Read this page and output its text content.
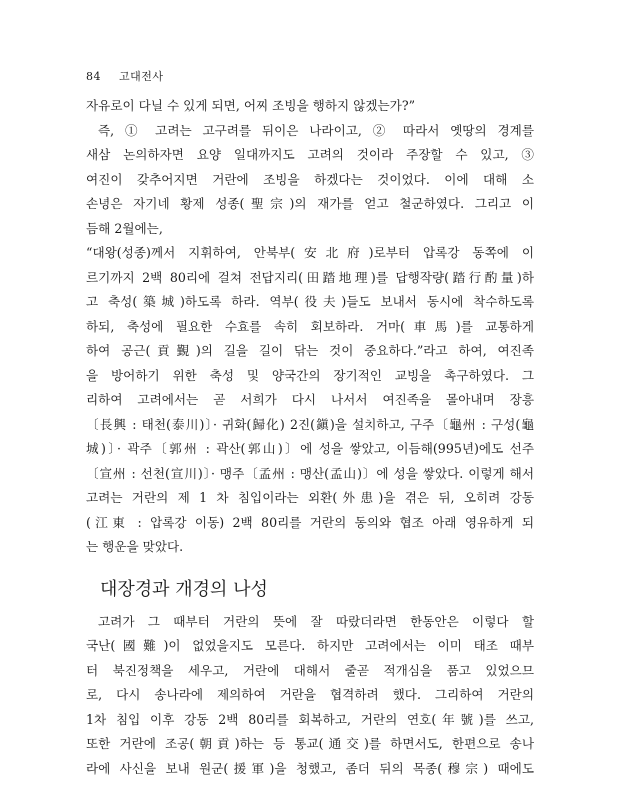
84 고대전사
자유로이 다닐 수 있게 되면, 어찌 조빙을 행하지 않겠는가?”
즉, ① 고려는 고구려를 뒤이은 나라이고, ② 따라서 옛땅의 경계를
새삼 논의하자면 요양 일대까지도 고려의 것이라 주장할 수 있고, ③
여진이 갖추어지면 거란에 조빙을 하겠다는 것이었다. 이에 대해 소
손녕은 자기네 황제 성종(聖宗)의 재가를 얻고 철군하였다. 그리고 이
듬해 2월에는,
“대왕(성종)께서 지휘하여, 안북부(安北府)로부터 압록강 동쪽에 이
르기까지 2백 80리에 걸쳐 전답지리(田踏地理)를 답행작량(踏行酌量)하
고 축성(築城)하도록 하라. 역부(役夫)들도 보내서 동시에 착수하도록
하되, 축성에 필요한 수효를 속히 회보하라. 거마(車馬)를 교통하게
하여 공근(貢覲)의 길을 길이 닦는 것이 중요하다.”라고 하여, 여진족
을 방어하기 위한 축성 및 양국간의 장기적인 교빙을 촉구하였다. 그
리하여 고려에서는 곧 서희가 다시 나서서 여진족을 몰아내며 장흥
〔長興 : 태천(泰川)〕· 귀화(歸化) 2진(鎭)을 설치하고, 구주〔龜州 : 구성(龜
城)〕· 곽주〔郭州 : 곽산(郭山)〕에 성을 쌓았고, 이듬해(995년)에도 선주
〔宣州 : 선천(宣川)〕· 맹주〔孟州 : 맹산(孟山)〕에 성을 쌓았다. 이렇게 해서
고려는 거란의 제 1 차 침입이라는 외환(外患)을 겪은 뒤, 오히려 강동
(江東 : 압록강 이동) 2백 80리를 거란의 동의와 협조 아래 영유하게 되
는 행운을 맞았다.
대장경과 개경의 나성
고려가 그 때부터 거란의 뜻에 잘 따랐더라면 한동안은 이렇다 할
국난(國難)이 없었을지도 모른다. 하지만 고려에서는 이미 태조 때부
터 북진정책을 세우고, 거란에 대해서 줄곧 적개심을 품고 있었으므
로, 다시 송나라에 제의하여 거란을 협격하려 했다. 그리하여 거란의
1차 침입 이후 강동 2백 80리를 회복하고, 거란의 연호(年號)를 쓰고,
또한 거란에 조공(朝貢)하는 등 통교(通交)를 하면서도, 한편으로 송나
라에 사신을 보내 원군(援軍)을 청했고, 좀더 뒤의 목종(穆宗) 때에도
